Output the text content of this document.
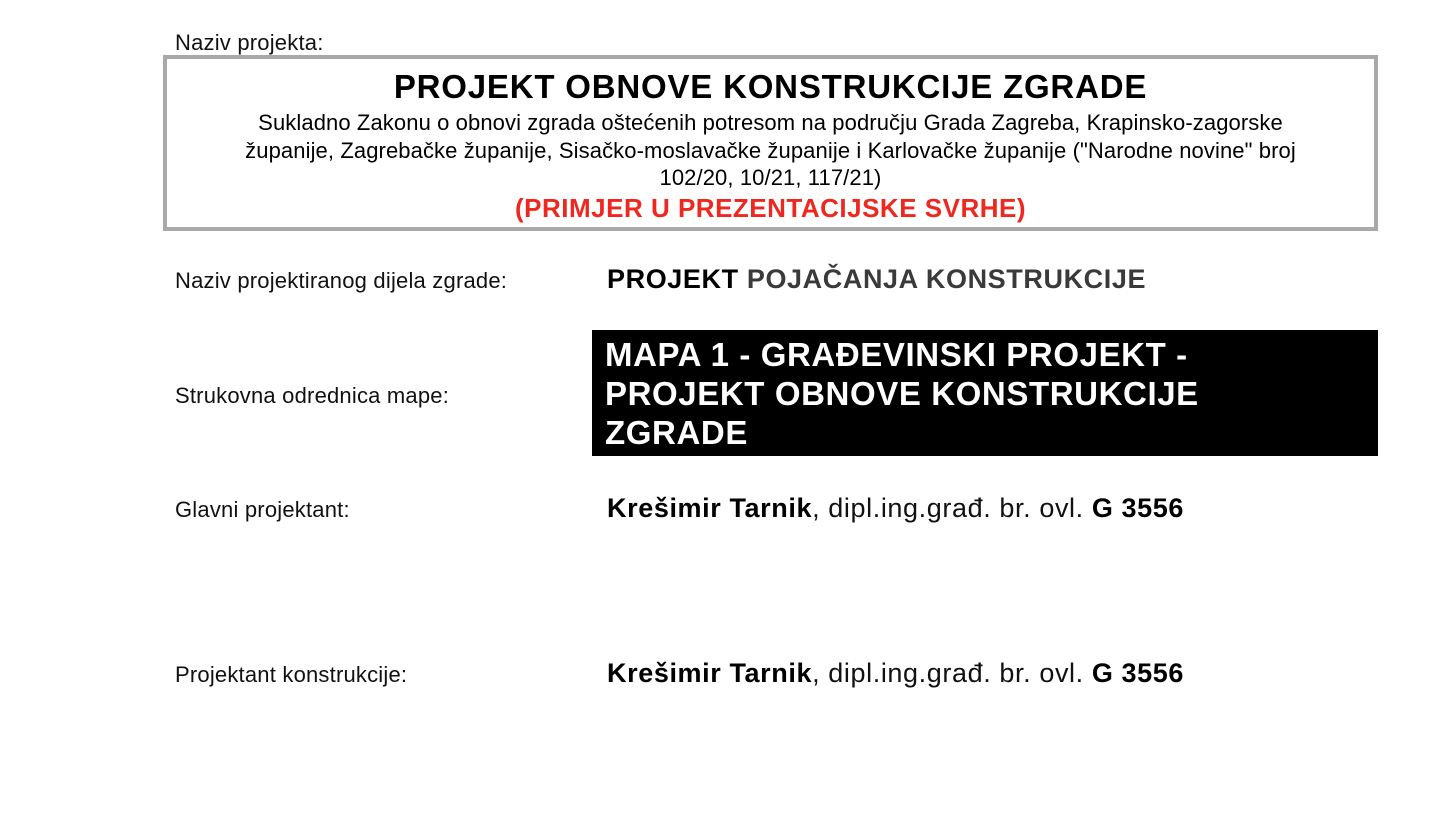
Naziv projekta:
PROJEKT OBNOVE KONSTRUKCIJE ZGRADE
Sukladno Zakonu o obnovi zgrada oštećenih potresom na području Grada Zagreba, Krapinsko-zagorske županije, Zagrebačke županije, Sisačko-moslavačke županije i Karlovačke županije ("Narodne novine" broj 102/20, 10/21, 117/21)
(PRIMJER U PREZENTACIJSKE SVRHE)
Naziv projektiranog dijela zgrade:	PROJEKT POJAČANJA KONSTRUKCIJE
Strukovna odrednica mape:
MAPA 1 - GRAĐEVINSKI PROJEKT - PROJEKT OBNOVE KONSTRUKCIJE ZGRADE
Glavni projektant:	Krešimir Tarnik, dipl.ing.građ. br. ovl. G 3556
Projektant konstrukcije:	Krešimir Tarnik, dipl.ing.građ. br. ovl. G 3556
